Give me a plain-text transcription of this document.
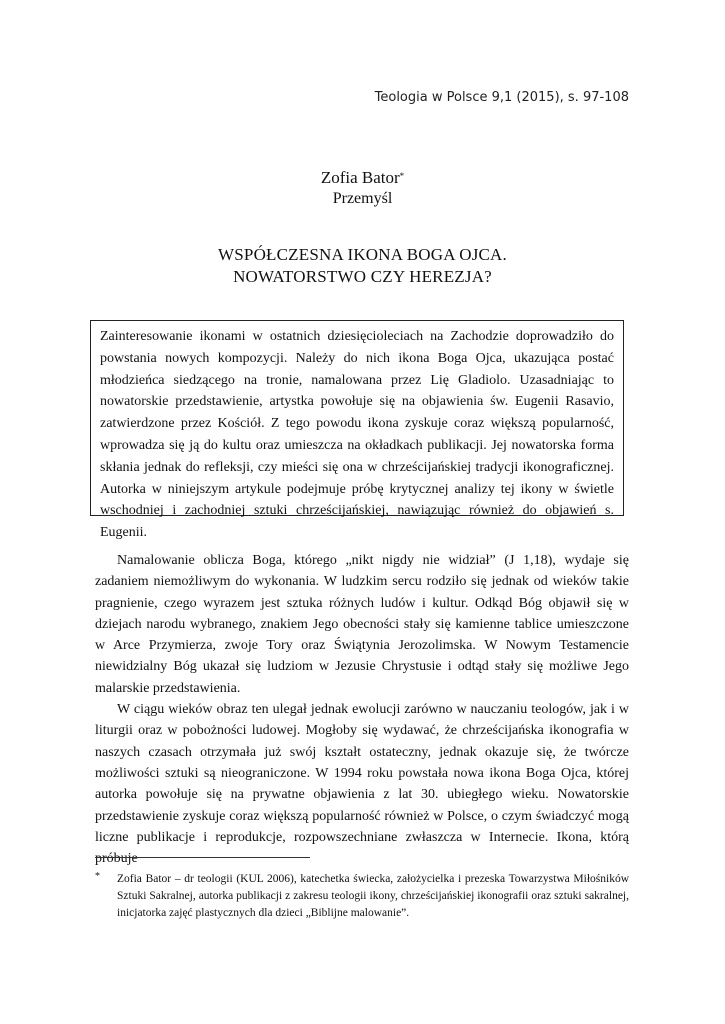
Teologia w Polsce 9,1 (2015), s. 97-108
Zofia Bator*
Przemyśl
WSPÓŁCZESNA IKONA BOGA OJCA.
NOWATORSTWO CZY HEREZJA?
Zainteresowanie ikonami w ostatnich dziesięcioleciach na Zachodzie doprowadziło do powstania nowych kompozycji. Należy do nich ikona Boga Ojca, ukazująca postać młodzieńca siedzącego na tronie, namalowana przez Lię Gladiolo. Uzasadniając to nowatorskie przedstawienie, artystka powołuje się na objawienia św. Eugenii Rasavio, zatwierdzone przez Kościół. Z tego powodu ikona zyskuje coraz większą popularność, wprowadza się ją do kultu oraz umieszcza na okładkach publikacji. Jej nowatorska forma skłania jednak do refleksji, czy mieści się ona w chrześcijańskiej tradycji ikonograficznej. Autorka w niniejszym artykule podejmuje próbę krytycznej analizy tej ikony w świetle wschodniej i zachodniej sztuki chrześcijańskiej, nawiązując również do objawień s. Eugenii.

Namalowanie oblicza Boga, którego „nikt nigdy nie widział” (J 1,18), wydaje się zadaniem niemożliwym do wykonania. W ludzkim sercu rodziło się jednak od wieków takie pragnienie, czego wyrazem jest sztuka różnych ludów i kultur. Odkąd Bóg objawił się w dziejach narodu wybranego, znakiem Jego obecności stały się kamienne tablice umieszczone w Arce Przymierza, zwoje Tory oraz Świątynia Jerozolimska. W Nowym Testamencie niewidzialny Bóg ukazał się ludziom w Jezusie Chrystusie i odtąd stały się możliwe Jego malarskie przedstawienia.

W ciągu wieków obraz ten ulegał jednak ewolucji zarówno w nauczaniu teologów, jak i w liturgii oraz w pobożności ludowej. Mogłoby się wydawać, że chrześcijańska ikonografia w naszych czasach otrzymała już swój kształt ostateczny, jednak okazuje się, że twórcze możliwości sztuki są nieograniczone. W 1994 roku powstała nowa ikona Boga Ojca, której autorka powołuje się na prywatne objawienia z lat 30. ubiegłego wieku. Nowatorskie przedstawienie zyskuje coraz większą popularność również w Polsce, o czym świadczyć mogą liczne publikacje i reprodukcje, rozpowszechniane zwłaszcza w Internecie. Ikona, którą próbuje

* Zofia Bator – dr teologii (KUL 2006), katechetka świecka, założycielka i prezeska Towarzystwa Miłośników Sztuki Sakralnej, autorka publikacji z zakresu teologii ikony, chrześcijańskiej ikonografii oraz sztuki sakralnej, inicjatorka zajęć plastycznych dla dzieci „Biblijne malowanie”.
